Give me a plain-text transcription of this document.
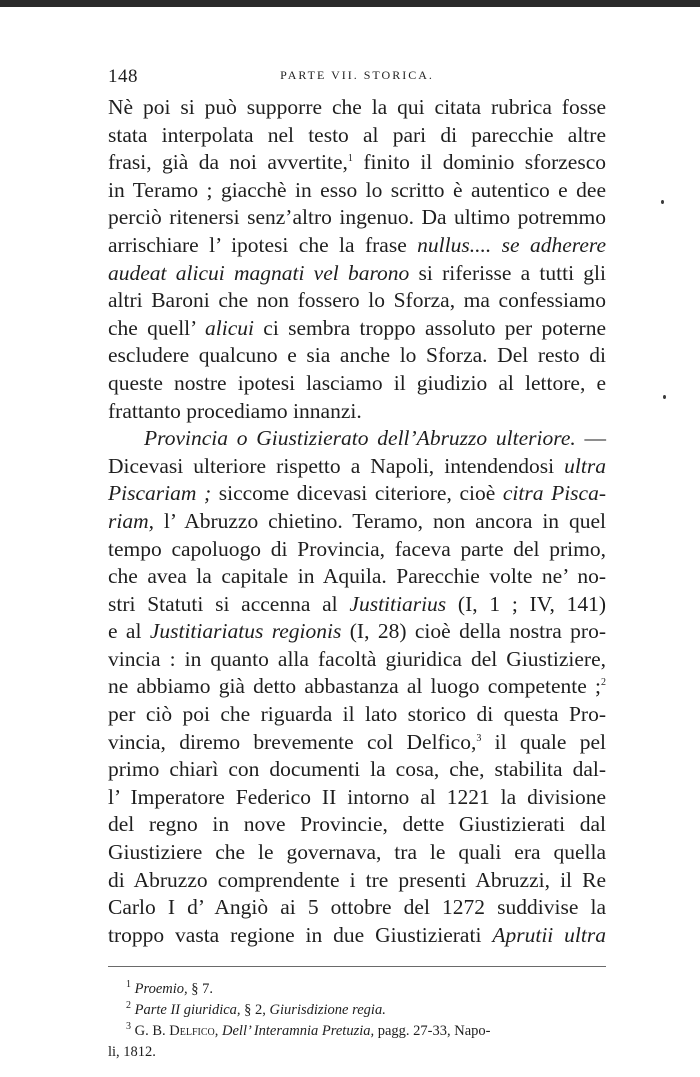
148	PARTE VII. STORICA.
Nè poi si può supporre che la qui citata rubrica fosse
stata interpolata nel testo al pari di parecchie altre
frasi, già da noi avvertite,$^1$ finito il dominio sforzesco
in Teramo ; giacchè in esso lo scritto è autentico e dee
perciò ritenersi senz’altro ingenuo. Da ultimo potremmo
arrischiare l’ ipotesi che la frase nullus.... se adherere
audeat alicui magnati vel barono si riferisse a tutti gli
altri Baroni che non fossero lo Sforza, ma confessiamo
che quell’ alicui ci sembra troppo assoluto per poterne
escludere qualcuno e sia anche lo Sforza. Del resto di
queste nostre ipotesi lasciamo il giudizio al lettore, e
frattanto procediamo innanzi.
Provincia o Giustizierato dell’Abruzzo ulteriore. —
Dicevasi ulteriore rispetto a Napoli, intendendosi ultra
Piscariam ; siccome dicevasi citeriore, cioè citra Pisca-
riam, l’ Abruzzo chietino. Teramo, non ancora in quel
tempo capoluogo di Provincia, faceva parte del primo,
che avea la capitale in Aquila. Parecchie volte ne’ no-
stri Statuti si accenna al Justitiarius (I, 1 ; IV, 141)
e al Justitiariatus regionis (I, 28) cioè della nostra pro-
vincia : in quanto alla facoltà giuridica del Giustiziere,
ne abbiamo già detto abbastanza al luogo competente ;$^2$
per ciò poi che riguarda il lato storico di questa Pro-
vincia, diremo brevemente col Delfico,$^3$ il quale pel
primo chiarì con documenti la cosa, che, stabilita dal-
l’ Imperatore Federico II intorno al 1221 la divisione
del regno in nove Provincie, dette Giustizierati dal
Giustiziere che le governava, tra le quali era quella
di Abruzzo comprendente i tre presenti Abruzzi, il Re
Carlo I d’ Angiò ai 5 ottobre del 1272 suddivise la
troppo vasta regione in due Giustizierati Aprutii ultra
$^1$ Proemio, § 7.
$^2$ Parte II giuridica, § 2, Giurisdizione regia.
$^3$ G. B. Delfico, Dell’ Interamnia Pretuzia, pagg. 27-33, Napo-
li, 1812.
